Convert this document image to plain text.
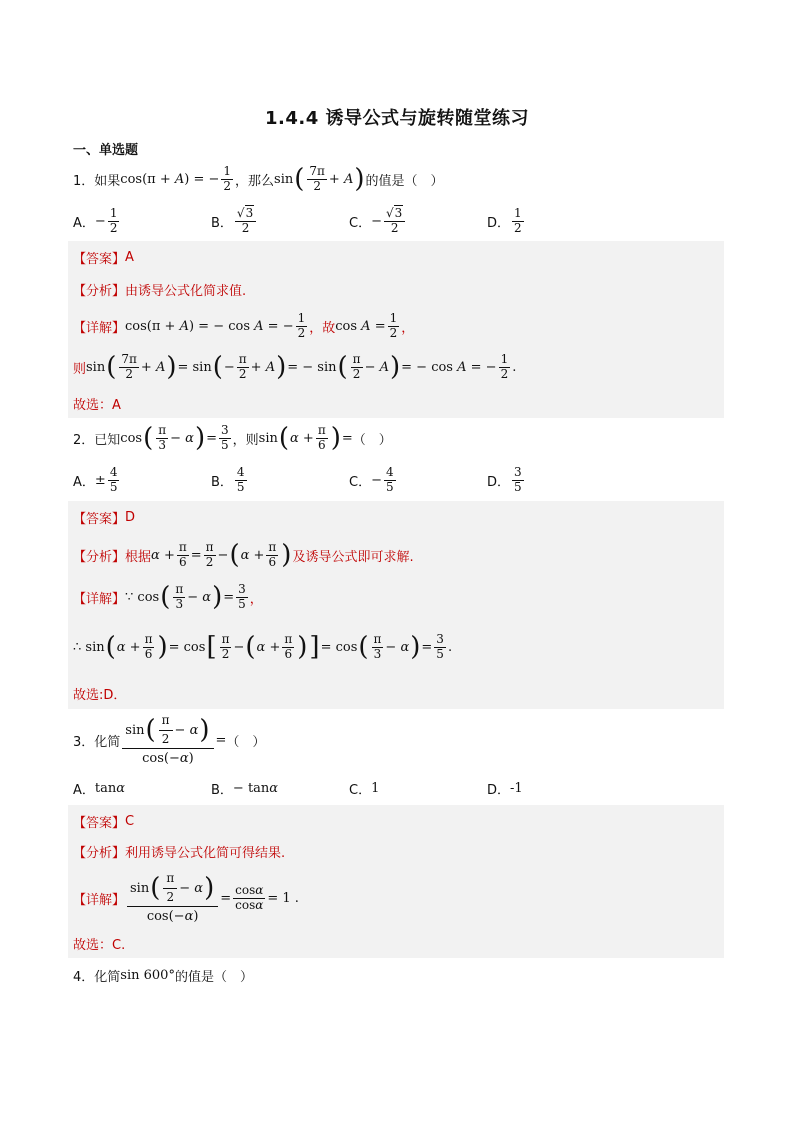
1.4.4 诱导公式与旋转随堂练习
一、单选题
1． 如果 cos(π + A) = − $\frac{1}{2}$ ，那么 sin ( $\frac{7\pi}{2} + A$ ) 的值是（　）
A． − $\frac{1}{2}$	B． $\frac{√3}{2}$	C． − $\frac{√3}{2}$	D． $\frac{1}{2}$
【答案】 A
【分析】 由诱导公式化简求值.
【详解】 cos(π + A) = − cos A = − $\frac{1}{2}$ ，故 $\cos A = \frac{1}{2}$ ，
则 sin ( $\frac{7\pi}{2} + A$ ) = sin ( − $\frac{\pi}{2} + A$ ) = − sin ( $\frac{\pi}{2} - A$ ) = − cos A = − $\frac{1}{2}$ .
故选：A
2． 已知 cos ( $\frac{\pi}{3} - \alpha$ ) = $\frac{3}{5}$ ，则 sin ( $\alpha + \frac{\pi}{6}$ ) = （　）
A． ± $\frac{4}{5}$	B． $\frac{4}{5}$	C． − $\frac{4}{5}$	D． $\frac{3}{5}$
【答案】 D
【分析】 根据 $\alpha + \frac{\pi}{6} = \frac{\pi}{2}$ − ( $\alpha + \frac{\pi}{6}$ ) 及诱导公式即可求解.
【详解】 ∵ cos ( $\frac{\pi}{3} - \alpha$ ) = $\frac{3}{5}$ ，
∴ sin ( $\alpha + \frac{\pi}{6}$ ) = cos [ $\frac{\pi}{2}$ − ( $\alpha + \frac{\pi}{6}$ ) ] = cos ( $\frac{\pi}{3} - \alpha$ ) = $\frac{3}{5}$ .
故选:D．
3． 化简 $\frac{\sin ( \frac{\pi}{2} - \alpha )}{\cos(-\alpha)}$ = （　）
A． tanα	B． − tanα	C． 1	D． -1
【答案】 C
【分析】 利用诱导公式化简可得结果.
【详解】 $\frac{\sin ( \frac{\pi}{2} - \alpha )}{\cos(-\alpha)} = \frac{\cos\alpha}{\cos\alpha} = 1$ .
故选：C.
4． 化简 sin 600° 的值是（　）
